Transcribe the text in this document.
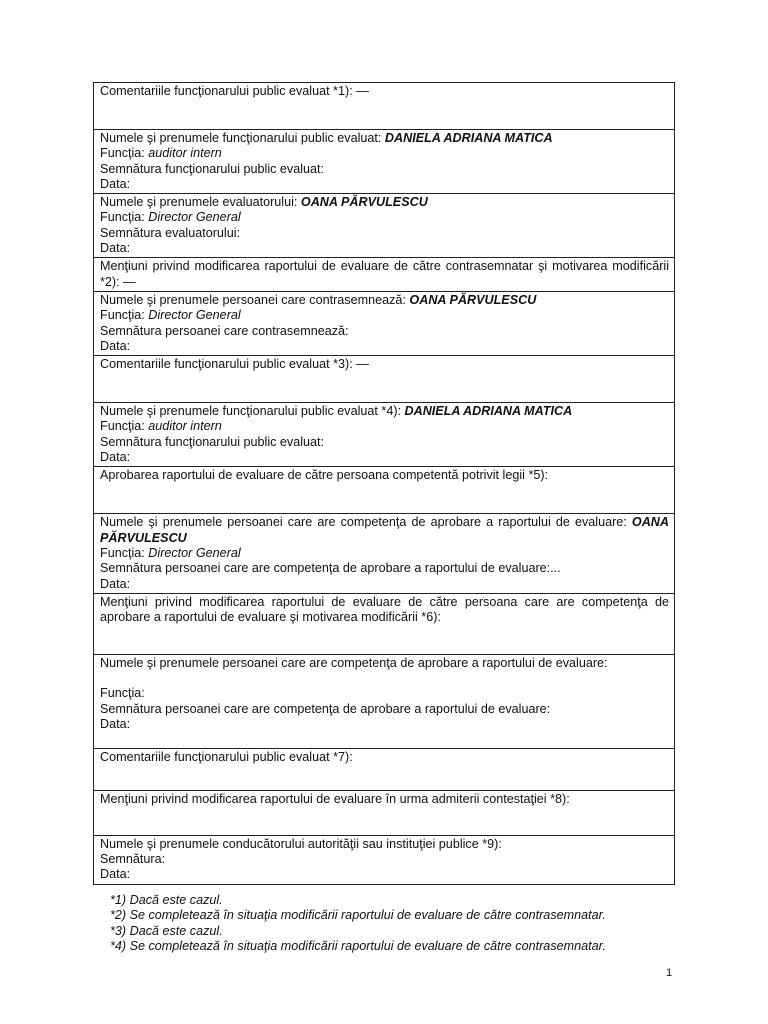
Comentariile funcţionarului public evaluat *1): —

Numele şi prenumele funcţionarului public evaluat: DANIELA ADRIANA MATICA
Funcţia: auditor intern
Semnătura funcţionarului public evaluat:
Data:

Numele şi prenumele evaluatorului: OANA PĂRVULESCU
Funcţia: Director General
Semnătura evaluatorului:
Data:

Menţiuni privind modificarea raportului de evaluare de către contrasemnatar şi motivarea modificării *2): —

Numele şi prenumele persoanei care contrasemnează: OANA PĂRVULESCU
Funcţia: Director General
Semnătura persoanei care contrasemnează:
Data:

Comentariile funcţionarului public evaluat *3): —

Numele şi prenumele funcţionarului public evaluat *4): DANIELA ADRIANA MATICA
Funcţia: auditor intern
Semnătura funcţionarului public evaluat:
Data:

Aprobarea raportului de evaluare de către persoana competentă potrivit legii *5):

Numele şi prenumele persoanei care are competenţa de aprobare a raportului de evaluare: OANA PĂRVULESCU
Funcţia: Director General
Semnătura persoanei care are competenţa de aprobare a raportului de evaluare:...
Data:

Menţiuni privind modificarea raportului de evaluare de către persoana care are competenţa de aprobare a raportului de evaluare şi motivarea modificării *6):

Numele şi prenumele persoanei care are competenţa de aprobare a raportului de evaluare:
Funcţia:
Semnătura persoanei care are competenţa de aprobare a raportului de evaluare:
Data:

Comentariile funcţionarului public evaluat *7):

Menţiuni privind modificarea raportului de evaluare în urma admiterii contestaţiei *8):

Numele şi prenumele conducătorului autorităţii sau instituţiei publice *9):
Semnătura:
Data:
*1) Dacă este cazul.
*2) Se completează în situaţia modificării raportului de evaluare de către contrasemnatar.
*3) Dacă este cazul.
*4) Se completează în situaţia modificării raportului de evaluare de către contrasemnatar.
1
